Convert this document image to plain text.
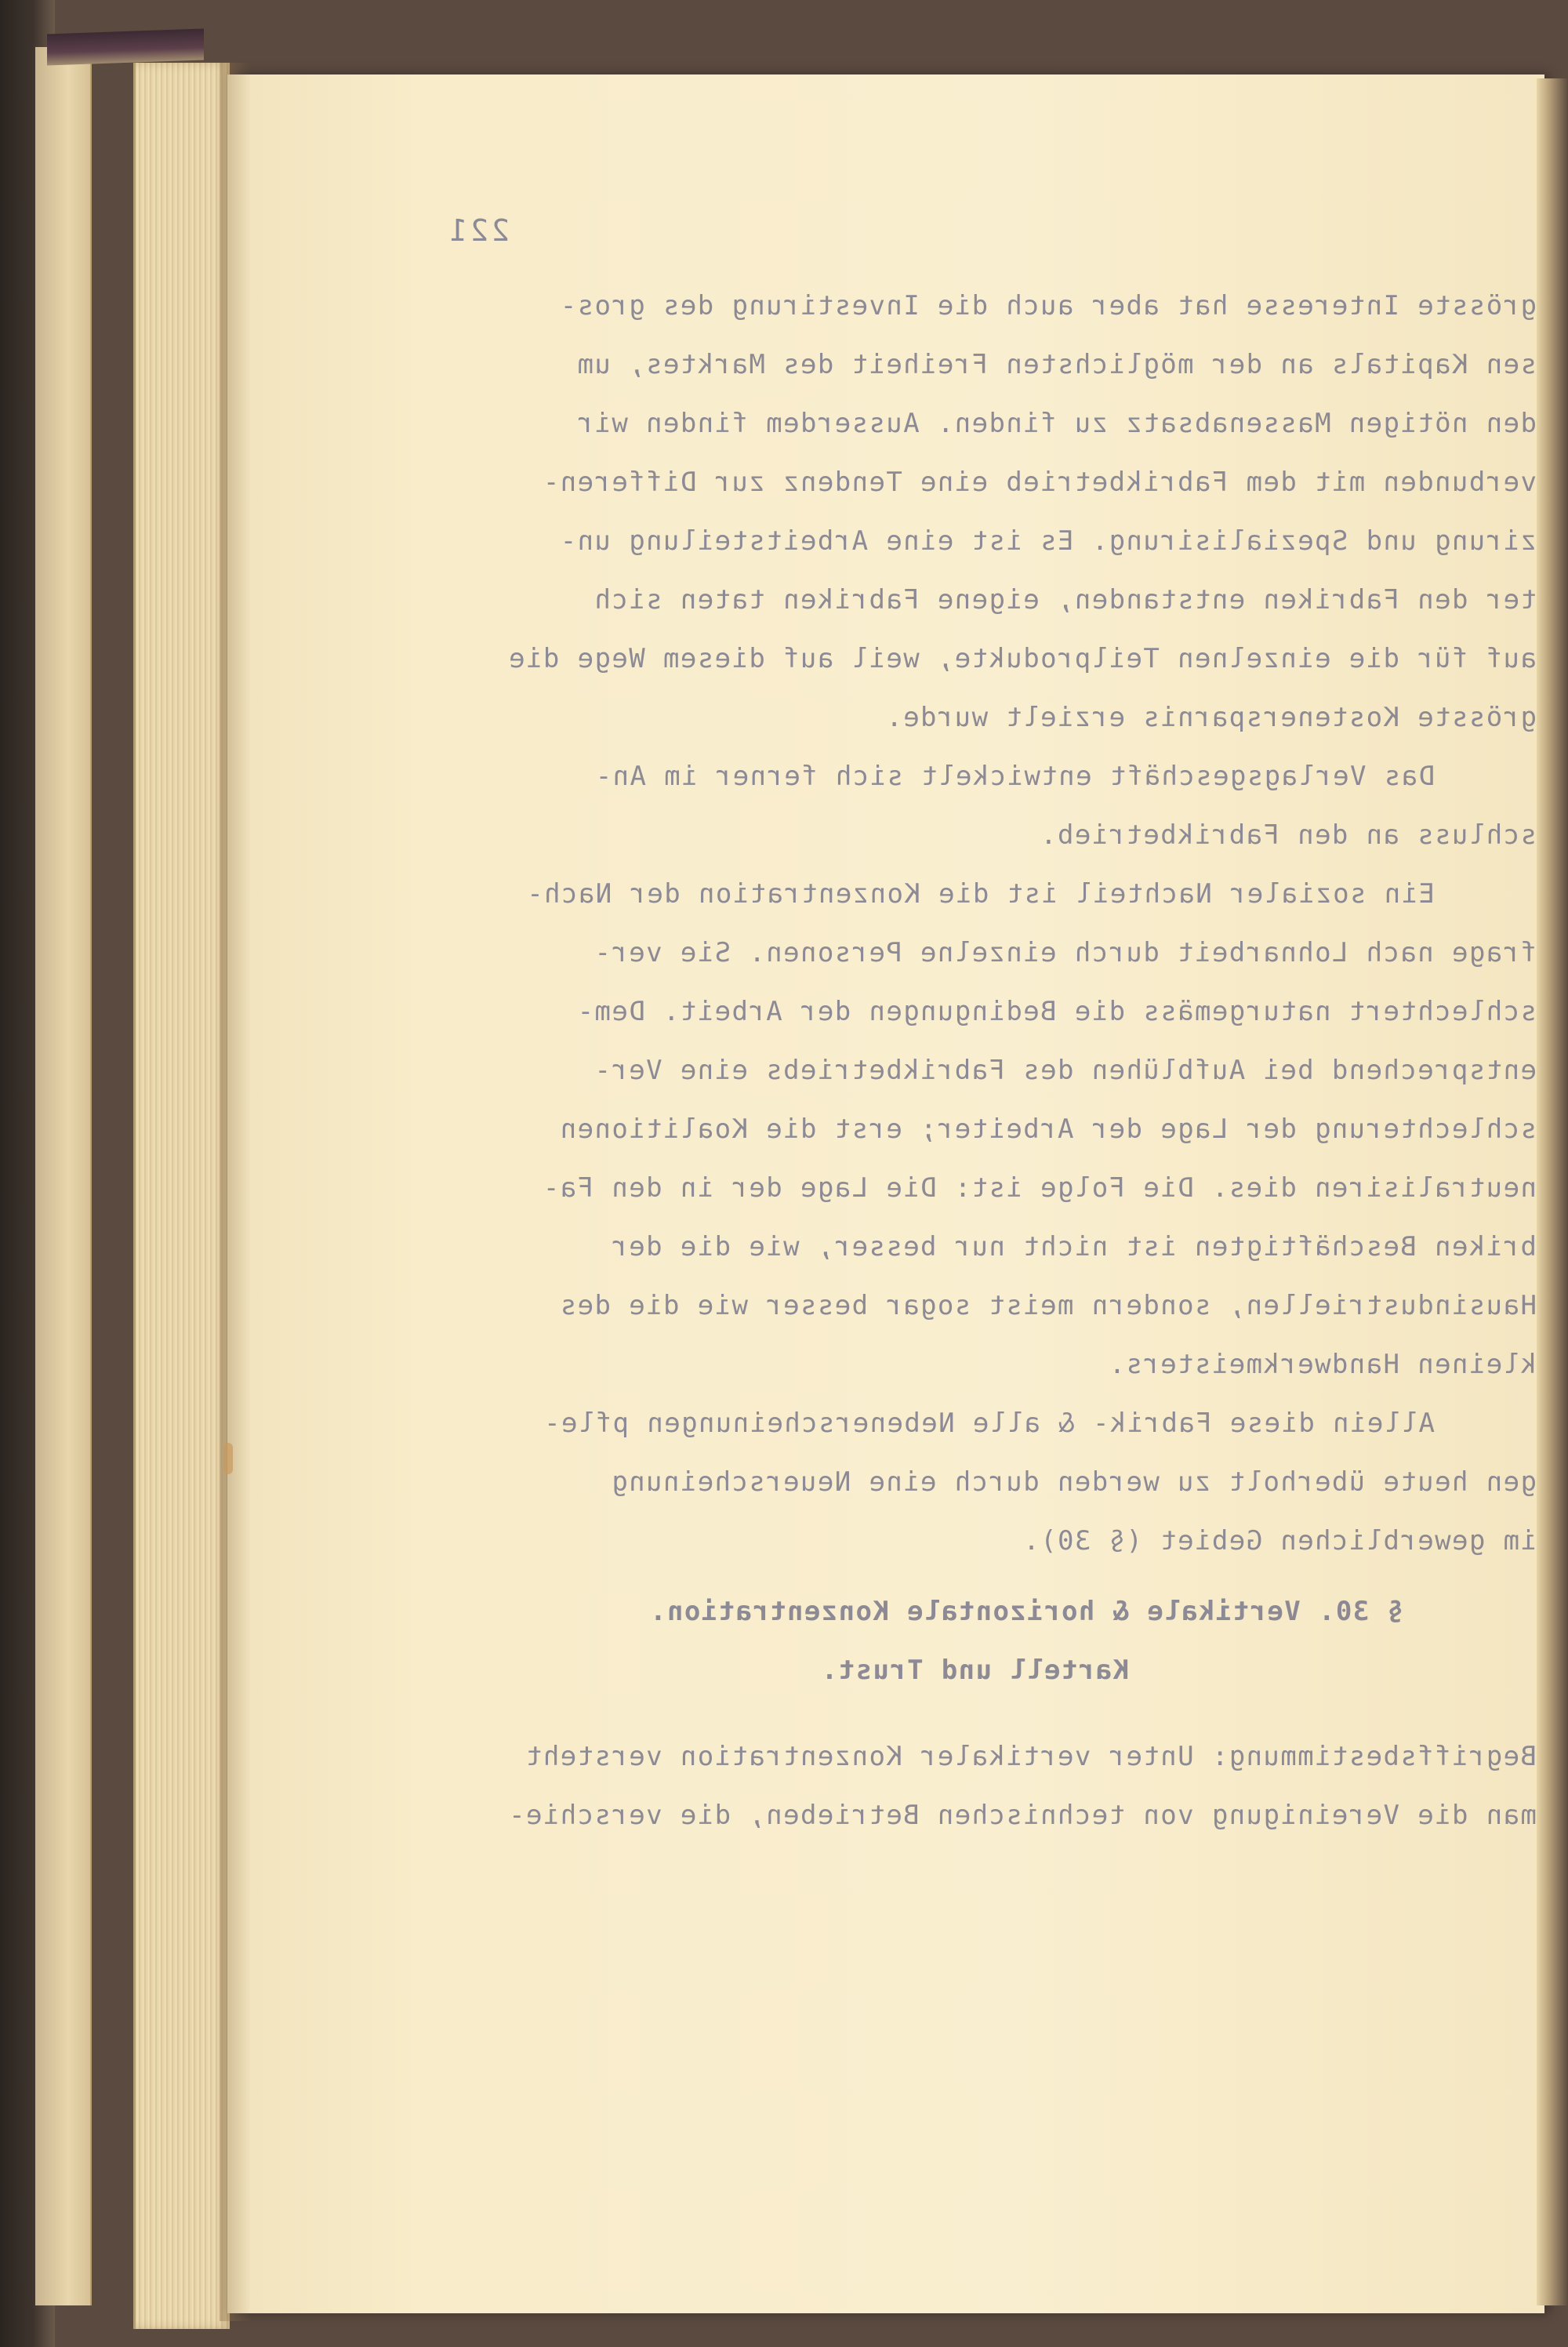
221
grösste Interesse hat aber auch die Investirung des gros-
sen Kapitals an der möglichsten Freiheit des Marktes, um
den nötigen Massenabsatz zu finden. Ausserdem finden wir
verbunden mit dem Fabrikbetrieb eine Tendenz zur Differen-
zirung und Spezialisirung. Es ist eine Arbeitsteilung un-
ter den Fabriken entstanden, eigene Fabriken taten sich
auf für die einzelnen Teilprodukte, weil auf diesem Wege die
grösste Kostenersparnis erzielt wurde.
Das Verlagsgeschäft entwickelt sich ferner im An-
schluss an den Fabrikbetrieb.
Ein sozialer Nachteil ist die Konzentration der Nach-
frage nach Lohnarbeit durch einzelne Personen. Sie ver-
schlechtert naturgemäss die Bedingungen der Arbeit. Dem-
entsprechend bei Aufblühen des Fabrikbetriebs eine Ver-
schlechterung der Lage der Arbeiter; erst die Koalitionen
neutralisiren dies. Die Folge ist: Die Lage der in den Fa-
briken Beschäftigten ist nicht nur besser, wie die der
Hausindustriellen, sondern meist sogar besser wie die des
kleinen Handwerkmeisters.
Allein diese Fabrik- & alle Nebenerscheinungen pfle-
gen heute überholt zu werden durch eine Neuerscheinung
im gewerblichen Gebiet (§ 30).
§ 30. Vertikale & horizontale Konzentration.
Kartell und Trust.
Begriffsbestimmung: Unter vertikaler Konzentration versteht
man die Vereinigung von technischen Betrieben, die verschie-
